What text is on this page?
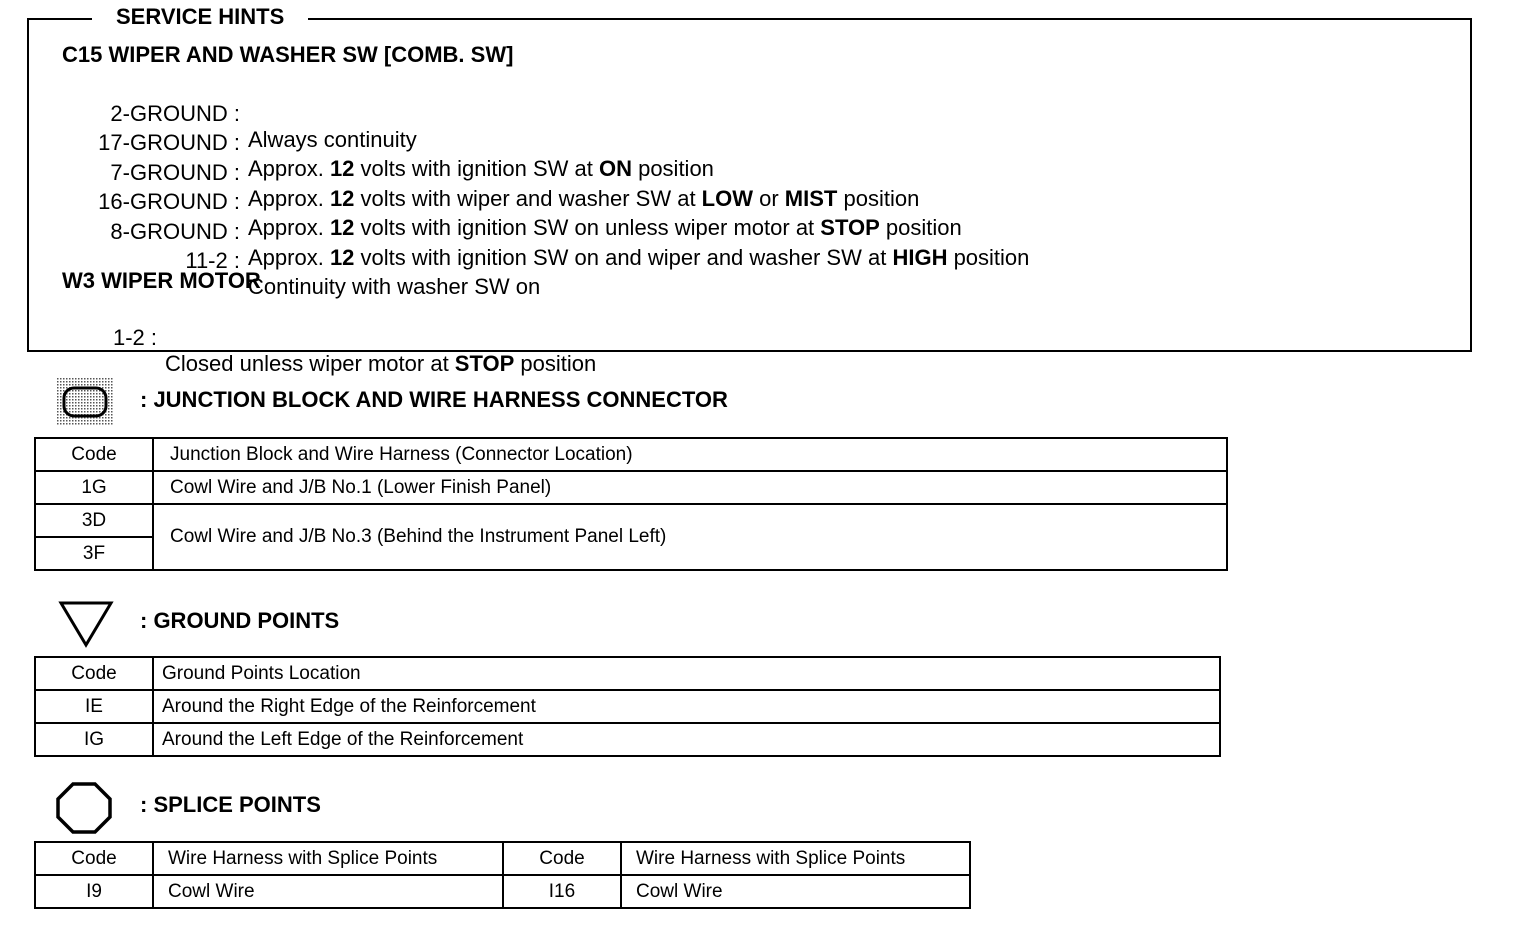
SERVICE HINTS
C15 WIPER AND WASHER SW [COMB. SW]

2-GROUND :

Always continuity

17-GROUND :

Approx. 12 volts with ignition SW at ON position

7-GROUND :

Approx. 12 volts with wiper and washer SW at LOW or MIST position

16-GROUND :

Approx. 12 volts with ignition SW on unless wiper motor at STOP position

8-GROUND :

Approx. 12 volts with ignition SW on and wiper and washer SW at HIGH position

11-2 :

Continuity with washer SW on

W3 WIPER MOTOR

1-2 :

Closed unless wiper motor at STOP position

: JUNCTION BLOCK AND WIRE HARNESS CONNECTOR
Code	Junction Block and Wire Harness (Connector Location)
1G	Cowl Wire and J/B No.1 (Lower Finish Panel)
3D	Cowl Wire and J/B No.3 (Behind the Instrument Panel Left)
3F	
: GROUND POINTS
Code	Ground Points Location
IE	Around the Right Edge of the Reinforcement
IG	Around the Left Edge of the Reinforcement
: SPLICE POINTS
Code	Wire Harness with Splice Points	Code	Wire Harness with Splice Points
I9	Cowl Wire	I16	Cowl Wire
